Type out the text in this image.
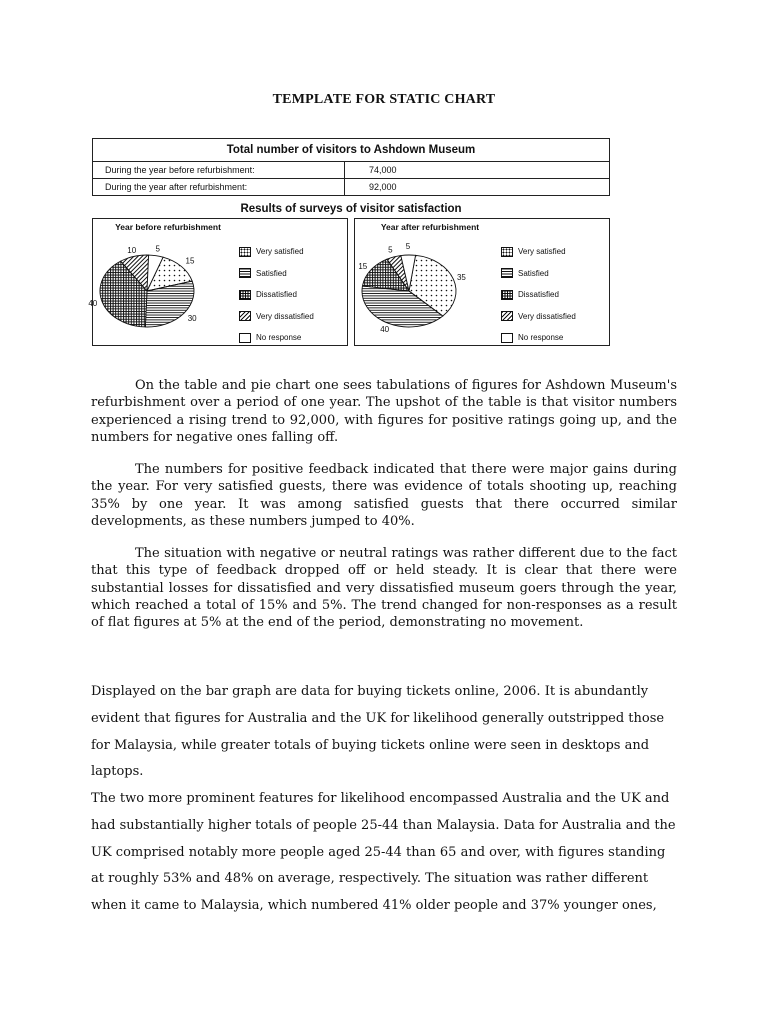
TEMPLATE FOR STATIC CHART
Total number of visitors to Ashdown Museum
During the year before refurbishment:	74,000
During the year after refurbishment:	92,000
Results of surveys of visitor satisfaction
Year before refurbishment
15
30
40
10 5	Very satisfied
Satisfied
Dissatisfied
Very dissatisfied
No response
Year after refurbishment
35
40
15
5 5
Very satisfied
Satisfied
Dissatisfied
Very dissatisfied
No response

On the table and pie chart one sees tabulations of figures for Ashdown Museum's refurbishment over a period of one year. The upshot of the table is that visitor numbers experienced a rising trend to 92,000, with figures for positive ratings going up, and the numbers for negative ones falling off.

The numbers for positive feedback indicated that there were major gains during the year. For very satisfied guests, there was evidence of totals shooting up, reaching 35% by one year. It was among satisfied guests that there occurred similar developments, as these numbers jumped to 40%.

The situation with negative or neutral ratings was rather different due to the fact that this type of feedback dropped off or held steady. It is clear that there were substantial losses for dissatisfied and very dissatisfied museum goers through the year, which reached a total of 15% and 5%. The trend changed for non-responses as a result of flat figures at 5% at the end of the period, demonstrating no movement.

Displayed on the bar graph are data for buying tickets online, 2006. It is abundantly evident that figures for Australia and the UK for likelihood generally outstripped those for Malaysia, while greater totals of buying tickets online were seen in desktops and laptops.

The two more prominent features for likelihood encompassed Australia and the UK and had substantially higher totals of people 25-44 than Malaysia. Data for Australia and the UK comprised notably more people aged 25-44 than 65 and over, with figures standing at roughly 53% and 48% on average, respectively. The situation was rather different when it came to Malaysia, which numbered 41% older people and 37% younger ones,
